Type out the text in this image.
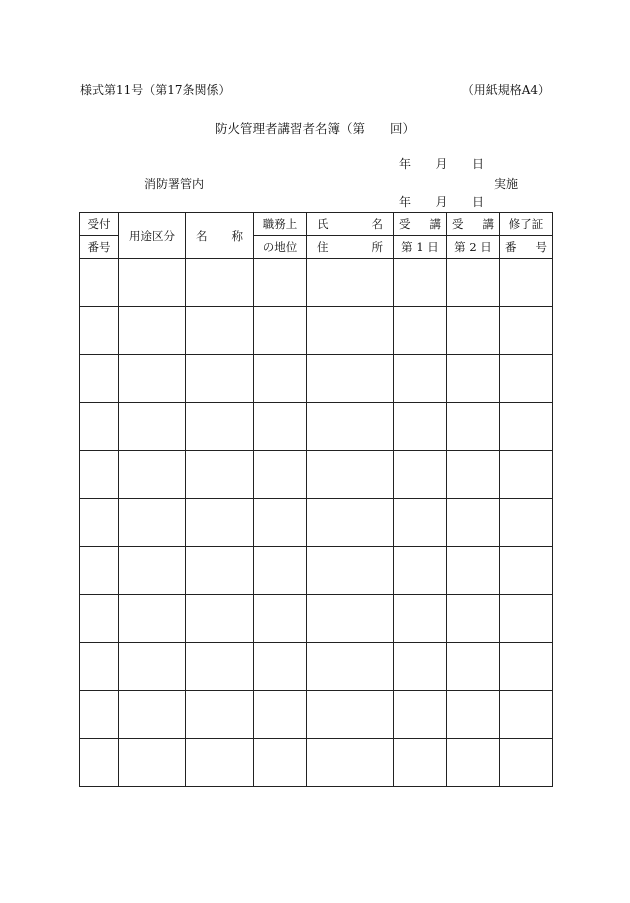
様式第11号（第17条関係）	（用紙規格A4）
防火管理者講習者名簿（第　　回）
年 月 日
消防署管内	実施
年 月 日
受付	用途区分	名 称	職務上	氏 名	受 講	受 講	修了証
番号			の地位	住 所	第 1 日	第 2 日	番 号
